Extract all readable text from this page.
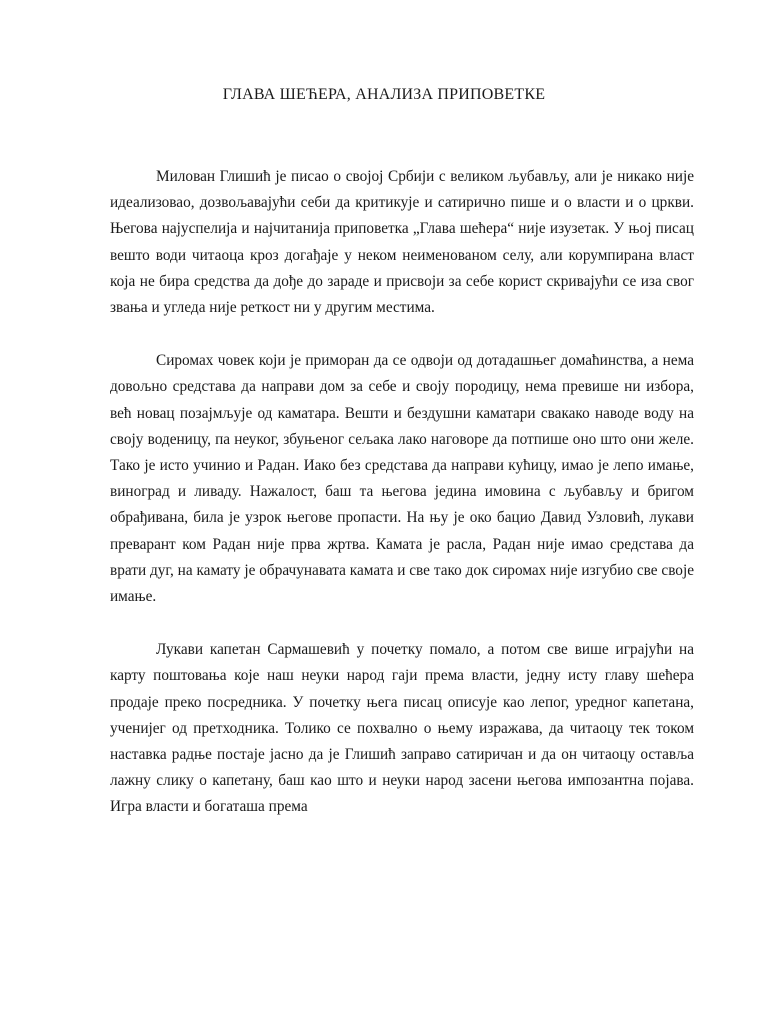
ГЛАВА ШЕЋЕРА, АНАЛИЗА ПРИПОВЕТКЕ

Милован Глишић је писао о својој Србији с великом љубављу, али је никако није идеализовао, дозвољавајући себи да критикује и сатирично пише и о власти и о цркви. Његова најуспелија и најчитанија приповетка „Глава шећера“ није изузетак. У њој писац вешто води читаоца кроз догађаје у неком неименованом селу, али корумпирана власт која не бира средства да дође до зараде и присвоји за себе корист скривајући се иза свог звања и угледа није реткост ни у другим местима.

Сиромах човек који је приморан да се одвоји од дотадашњег домаћинства, а нема довољно средстава да направи дом за себе и своју породицу, нема превише ни избора, већ новац позајмљује од каматара. Вешти и бездушни каматари свакако наводе воду на своју воденицу, па неуког, збуњеног сељака лако наговоре да потпише оно што они желе. Тако је исто учинио и Радан. Иако без средстава да направи кућицу, имао је лепо имање, виноград и ливаду. Нажалост, баш та његова једина имовина с љубављу и бригом обрађивана, била је узрок његове пропасти. На њу је око бацио Давид Узловић, лукави преварант ком Радан није прва жртва. Камата је расла, Радан није имао средстава да врати дуг, на камату је обрачунавата камата и све тако док сиромах није изгубио све своје имање.

Лукави капетан Сармашевић у почетку помало, а потом све више играјући на карту поштовања које наш неуки народ гаји према власти, једну исту главу шећера продаје преко посредника. У почетку њега писац описује као лепог, уредног капетана, ученијег од претходника. Толико се похвално о њему изражава, да читаоцу тек током наставка радње постаје јасно да је Глишић заправо сатиричан и да он читаоцу оставља лажну слику о капетану, баш као што и неуки народ засени његова импозантна појава. Игра власти и богаташа према
